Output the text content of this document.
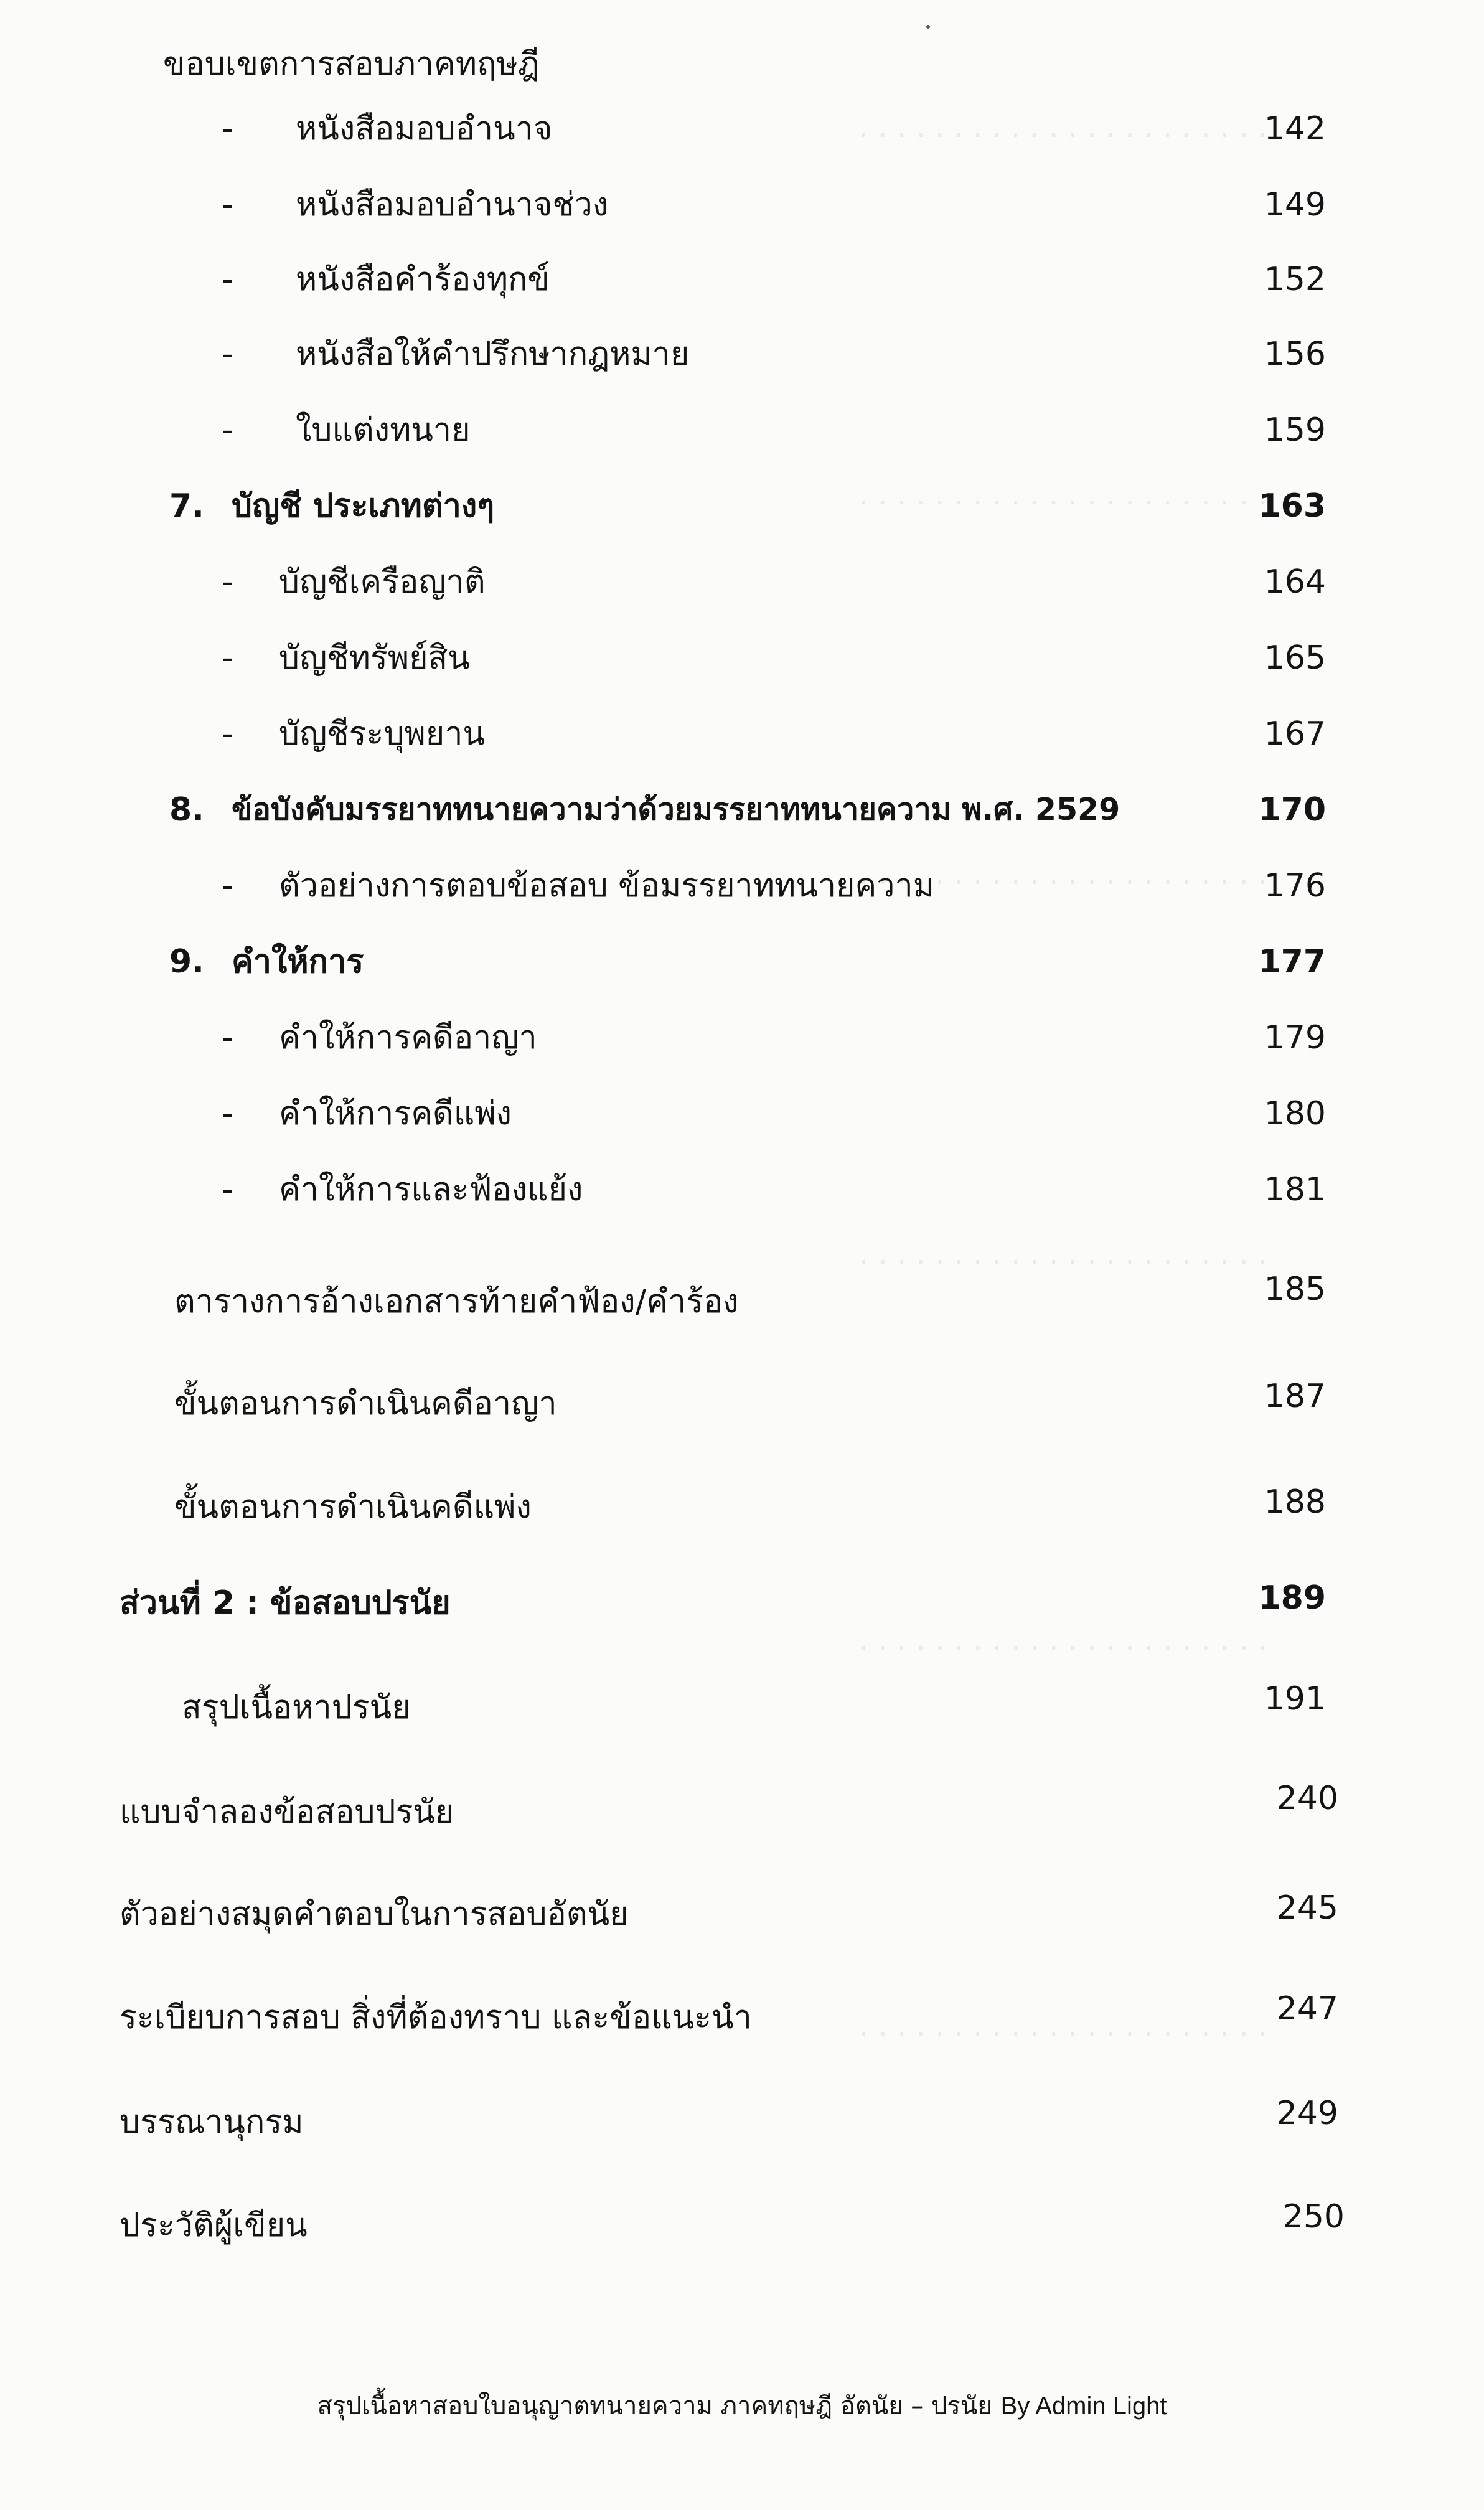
· · · · · · · · · · · · · · · · · · · · · ·
· · · · · · · · · · · · · · · · · · · · · ·
· · · · · · · · · · · · · · · · · · · · · ·
· · · · · · · · · · · · · · · · · · · · · ·
· · · · · · · · · · · · · · · · · · · · · ·
· · · · · · · · · · · · · · · · · · · · · ·
ขอบเขตการสอบภาคทฤษฎี
- หนังสือมอบอำนาจ	142
- หนังสือมอบอำนาจช่วง	149
- หนังสือคำร้องทุกข์	152
- หนังสือให้คำปรึกษากฎหมาย	156
- ใบแต่งทนาย	159
7. บัญชี ประเภทต่างๆ	163
- บัญชีเครือญาติ	164
- บัญชีทรัพย์สิน	165
- บัญชีระบุพยาน	167
8. ข้อบังคับมรรยาททนายความว่าด้วยมรรยาททนายความ พ.ศ. 2529	170
- ตัวอย่างการตอบข้อสอบ ข้อมรรยาททนายความ	176
9. คำให้การ	177
- คำให้การคดีอาญา	179
- คำให้การคดีแพ่ง	180
- คำให้การและฟ้องแย้ง	181
ตารางการอ้างเอกสารท้ายคำฟ้อง/คำร้อง	185
ขั้นตอนการดำเนินคดีอาญา	187
ขั้นตอนการดำเนินคดีแพ่ง	188
ส่วนที่ 2 : ข้อสอบปรนัย	189
สรุปเนื้อหาปรนัย	191
แบบจำลองข้อสอบปรนัย	240
ตัวอย่างสมุดคำตอบในการสอบอัตนัย	245
ระเบียบการสอบ สิ่งที่ต้องทราบ และข้อแนะนำ	247
บรรณานุกรม	249
ประวัติผู้เขียน	250
สรุปเนื้อหาสอบใบอนุญาตทนายความ ภาคทฤษฎี อัตนัย – ปรนัย By Admin Light
